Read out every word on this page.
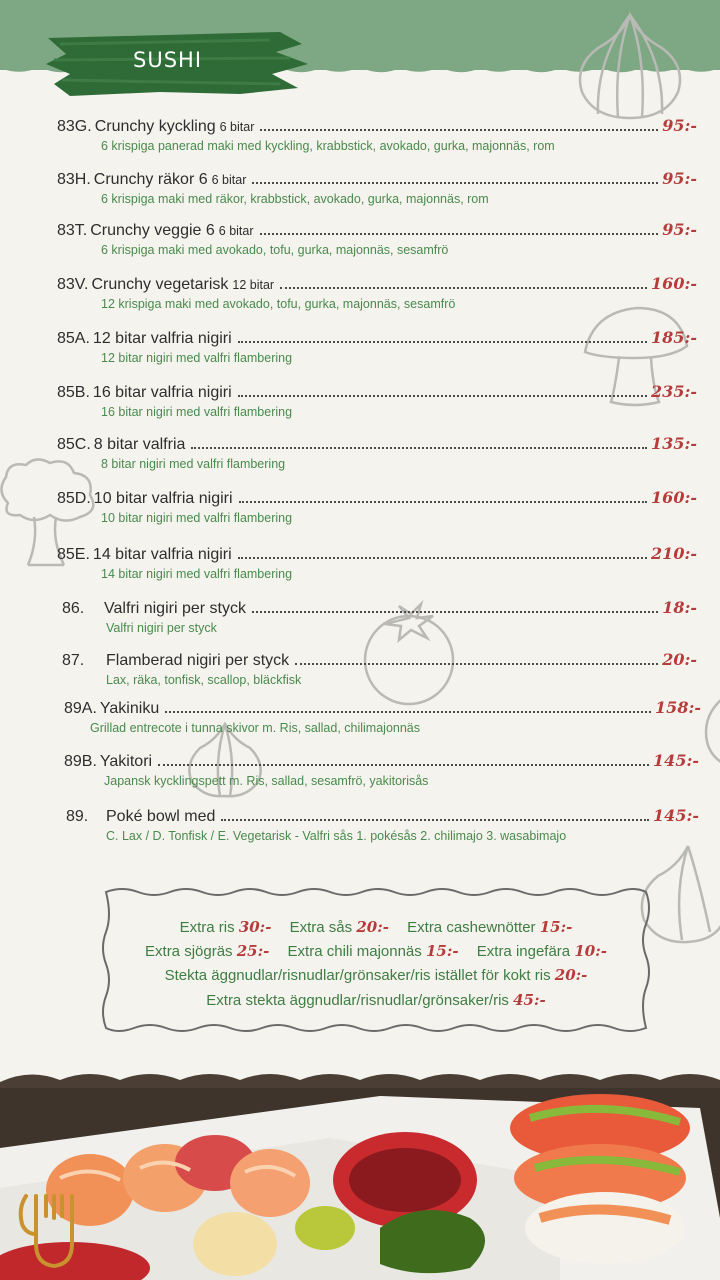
SUSHI
83G. Crunchy kyckling 6 bitar	95:-
6 krispiga panerad maki med kyckling, krabbstick, avokado, gurka, majonnäs, rom
83H. Crunchy räkor 6 6 bitar	95:-
6 krispiga maki med räkor, krabbstick, avokado, gurka, majonnäs, rom
83T. Crunchy veggie 6 6 bitar	95:-
6 krispiga maki med avokado, tofu, gurka, majonnäs, sesamfrö
83V. Crunchy vegetarisk 12 bitar	160:-
12 krispiga maki med avokado, tofu, gurka, majonnäs, sesamfrö
85A. 12 bitar valfria nigiri	185:-
12 bitar nigiri med valfri flambering
85B. 16 bitar valfria nigiri	235:-
16 bitar nigiri med valfri flambering
85C. 8 bitar valfria	135:-
8 bitar nigiri med valfri flambering
85D. 10 bitar valfria nigiri	160:-
10 bitar nigiri med valfri flambering
85E. 14 bitar valfria nigiri	210:-
14 bitar nigiri med valfri flambering
86.	Valfri nigiri per styck	18:-
Valfri nigiri per styck
87.	Flamberad nigiri per styck	20:-
Lax, räka, tonfisk, scallop, bläckfisk
89A. Yakiniku	158:-
Grillad entrecote i tunna skivor m. Ris, sallad, chilimajonnäs
89B. Yakitori	145:-
Japansk kycklingspett m. Ris, sallad, sesamfrö, yakitorisås
89.	Poké bowl med	145:-
C. Lax / D. Tonfisk / E. Vegetarisk - Valfri sås 1. pokésås 2. chilimajo 3. wasabimajo
Extra ris 30:- Extra sås 20:- Extra cashewnötter 15:-
Extra sjögräs 25:- Extra chili majonnäs 15:- Extra ingefära 10:-
Stekta äggnudlar/risnudlar/grönsaker/ris istället för kokt ris 20:-
Extra stekta äggnudlar/risnudlar/grönsaker/ris 45:-
